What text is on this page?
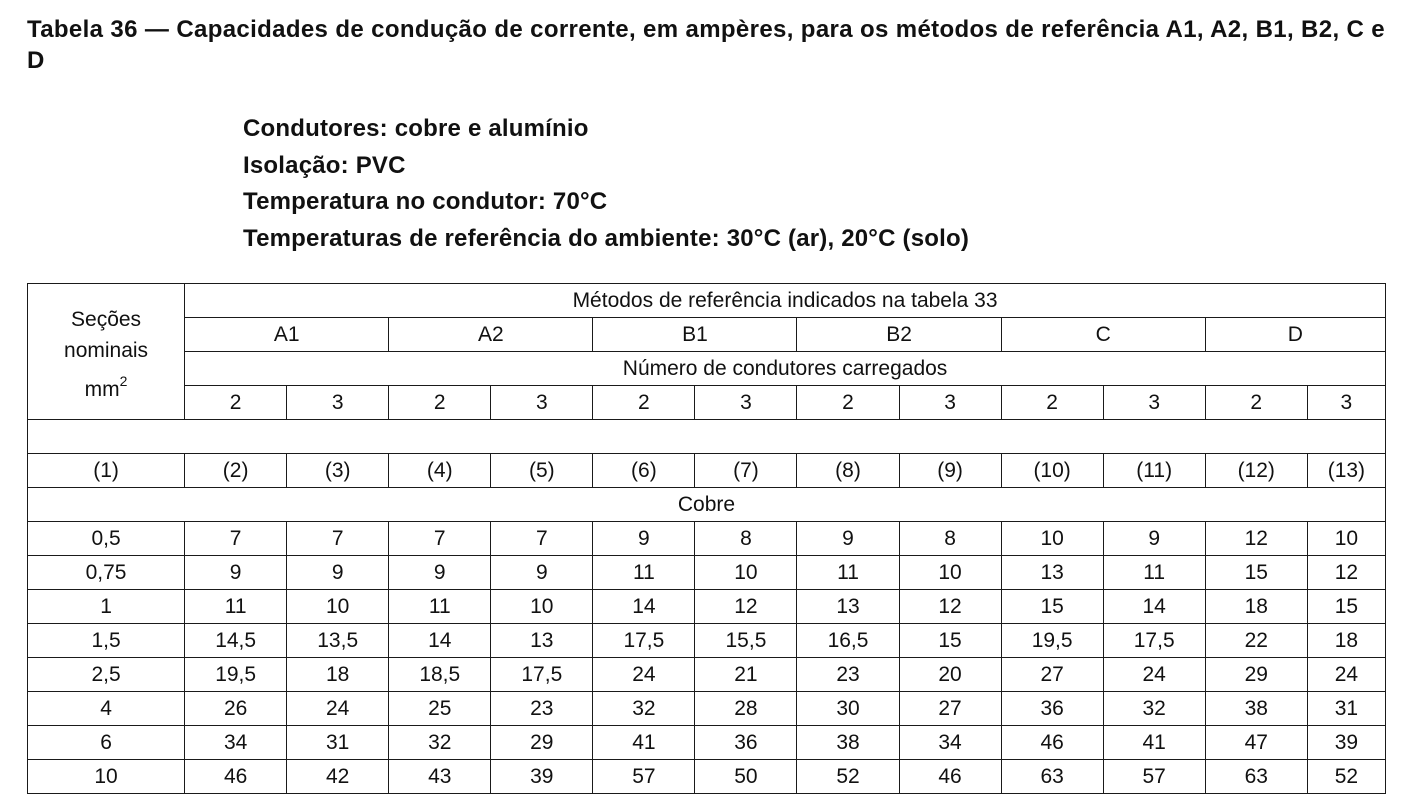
Tabela 36 — Capacidades de condução de corrente, em ampères, para os métodos de referência A1, A2, B1, B2, C e D
Condutores: cobre e alumínio
Isolação: PVC
Temperatura no condutor: 70°C
Temperaturas de referência do ambiente: 30°C (ar), 20°C (solo)
Seções
nominais
$mm^2$	Métodos de referência indicados na tabela 33											
	A1		A2		B1		B2		C		D	
	Número de condutores carregados											
	2	3	2	3	2	3	2	3	2	3	2	3

(1)	(2)	(3)	(4)	(5)	(6)	(7)	(8)	(9)	(10)	(11)	(12)	(13)
Cobre												
0,5	7	7	7	7	9	8	9	8	10	9	12	10
0,75	9	9	9	9	11	10	11	10	13	11	15	12
1	11	10	11	10	14	12	13	12	15	14	18	15
1,5	14,5	13,5	14	13	17,5	15,5	16,5	15	19,5	17,5	22	18
2,5	19,5	18	18,5	17,5	24	21	23	20	27	24	29	24
4	26	24	25	23	32	28	30	27	36	32	38	31
6	34	31	32	29	41	36	38	34	46	41	47	39
10	46	42	43	39	57	50	52	46	63	57	63	52
